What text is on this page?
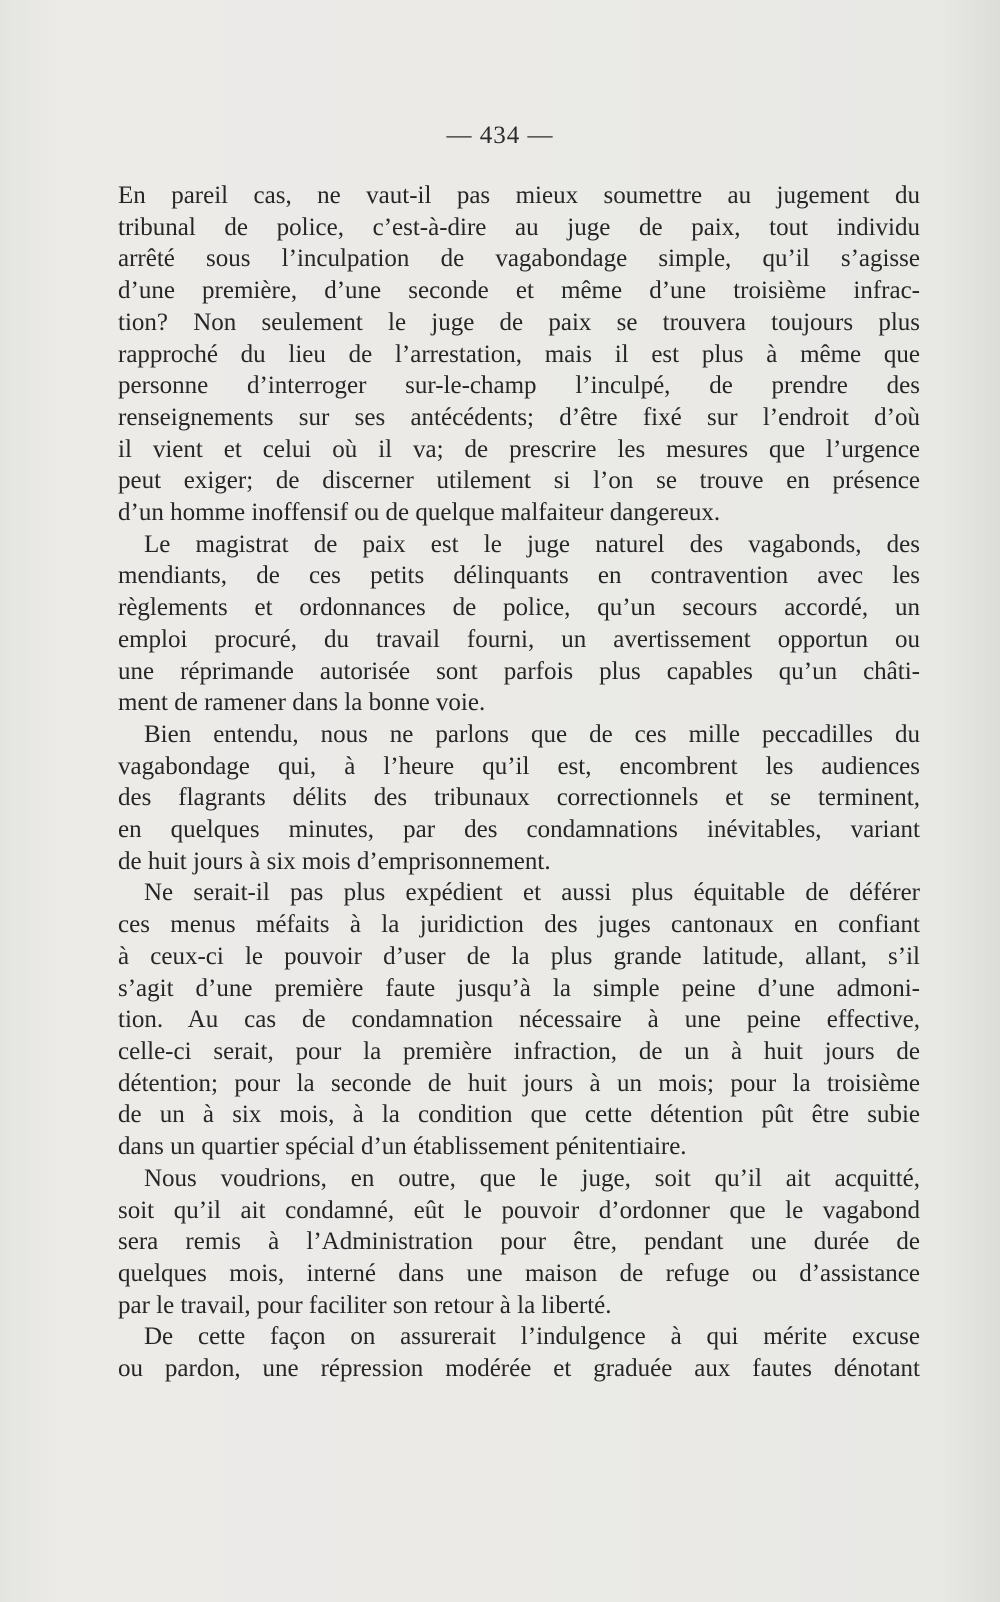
— 434 —

En pareil cas, ne vaut-il pas mieux soumettre au jugement du
tribunal de police, c’est-à-dire au juge de paix, tout individu
arrêté sous l’inculpation de vagabondage simple, qu’il s’agisse
d’une première, d’une seconde et même d’une troisième infrac-
tion? Non seulement le juge de paix se trouvera toujours plus
rapproché du lieu de l’arrestation, mais il est plus à même que
personne d’interroger sur-le-champ l’inculpé, de prendre des
renseignements sur ses antécédents; d’être fixé sur l’endroit d’où
il vient et celui où il va; de prescrire les mesures que l’urgence
peut exiger; de discerner utilement si l’on se trouve en présence
d’un homme inoffensif ou de quelque malfaiteur dangereux.

Le magistrat de paix est le juge naturel des vagabonds, des
mendiants, de ces petits délinquants en contravention avec les
règlements et ordonnances de police, qu’un secours accordé, un
emploi procuré, du travail fourni, un avertissement opportun ou
une réprimande autorisée sont parfois plus capables qu’un châti-
ment de ramener dans la bonne voie.

Bien entendu, nous ne parlons que de ces mille peccadilles du
vagabondage qui, à l’heure qu’il est, encombrent les audiences
des flagrants délits des tribunaux correctionnels et se terminent,
en quelques minutes, par des condamnations inévitables, variant
de huit jours à six mois d’emprisonnement.

Ne serait-il pas plus expédient et aussi plus équitable de déférer
ces menus méfaits à la juridiction des juges cantonaux en confiant
à ceux-ci le pouvoir d’user de la plus grande latitude, allant, s’il
s’agit d’une première faute jusqu’à la simple peine d’une admoni-
tion. Au cas de condamnation nécessaire à une peine effective,
celle-ci serait, pour la première infraction, de un à huit jours de
détention; pour la seconde de huit jours à un mois; pour la troisième
de un à six mois, à la condition que cette détention pût être subie
dans un quartier spécial d’un établissement pénitentiaire.

Nous voudrions, en outre, que le juge, soit qu’il ait acquitté,
soit qu’il ait condamné, eût le pouvoir d’ordonner que le vagabond
sera remis à l’Administration pour être, pendant une durée de
quelques mois, interné dans une maison de refuge ou d’assistance
par le travail, pour faciliter son retour à la liberté.

De cette façon on assurerait l’indulgence à qui mérite excuse
ou pardon, une répression modérée et graduée aux fautes dénotant
